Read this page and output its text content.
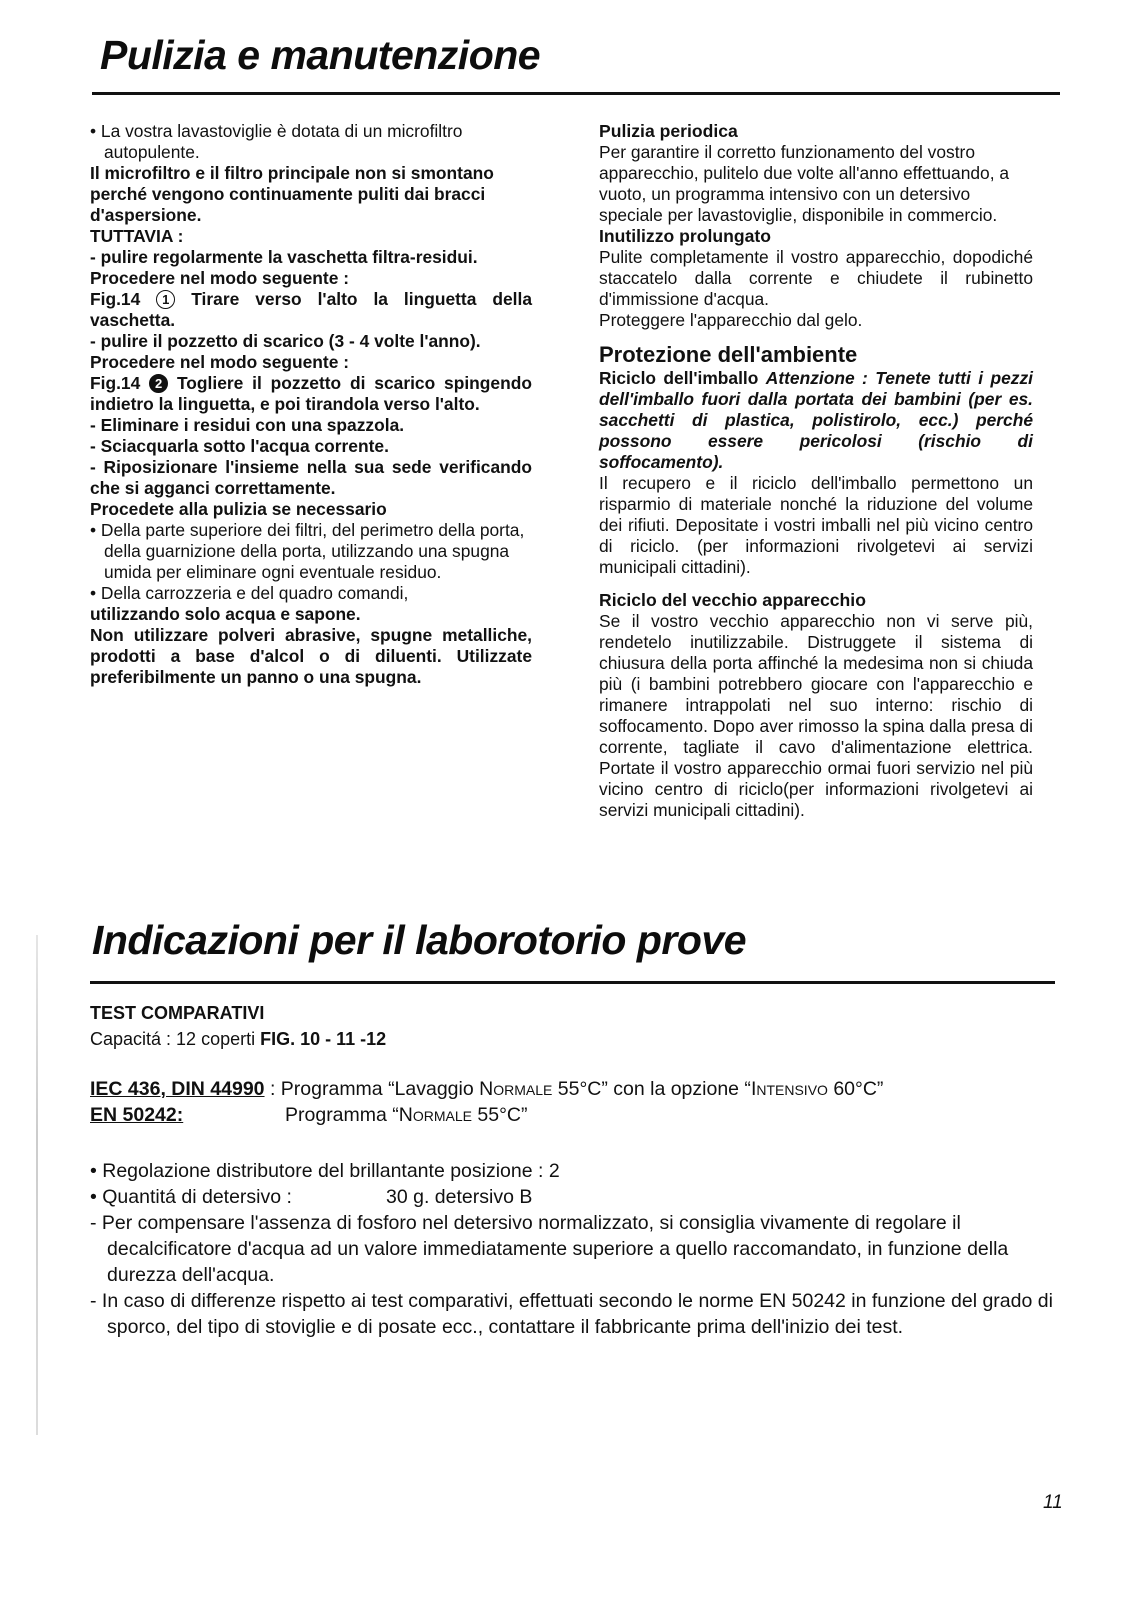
Pulizia e manutenzione

• La vostra lavastoviglie è dotata di un microfiltro autopulente.

Il microfiltro e il filtro principale non si smontano perché vengono continuamente puliti dai bracci d'aspersione.

TUTTAVIA :

- pulire regolarmente la vaschetta filtra-residui.

Procedere nel modo seguente :

Fig.14 1 Tirare verso l'alto la linguetta della vaschetta.

- pulire il pozzetto di scarico (3 - 4 volte l'anno).

Procedere nel modo seguente :

Fig.14 2 Togliere il pozzetto di scarico spingendo indietro la linguetta, e poi tirandola verso l'alto.

- Eliminare i residui con una spazzola.

- Sciacquarla sotto l'acqua corrente.

- Riposizionare l'insieme nella sua sede verificando che si agganci correttamente.

Procedete alla pulizia se necessario

• Della parte superiore dei filtri, del perimetro della porta, della guarnizione della porta, utilizzando una spugna umida per eliminare ogni eventuale residuo.

• Della carrozzeria e del quadro comandi,

utilizzando solo acqua e sapone.

Non utilizzare polveri abrasive, spugne metalliche, prodotti a base d'alcol o di diluenti. Utilizzate preferibilmente un panno o una spugna.

Pulizia periodica

Per garantire il corretto funzionamento del vostro apparecchio, pulitelo due volte all'anno effettuando, a vuoto, un programma intensivo con un detersivo speciale per lavastoviglie, disponibile in commercio.

Inutilizzo prolungato

Pulite completamente il vostro apparecchio, dopodiché staccatelo dalla corrente e chiudete il rubinetto d'immissione d'acqua.

Proteggere l'apparecchio dal gelo.

Protezione dell'ambiente

Riciclo dell'imballo Attenzione : Tenete tutti i pezzi dell'imballo fuori dalla portata dei bambini (per es. sacchetti di plastica, polistirolo, ecc.) perché possono essere pericolosi (rischio di soffocamento).

Il recupero e il riciclo dell'imballo permettono un risparmio di materiale nonché la riduzione del volume dei rifiuti. Depositate i vostri imballi nel più vicino centro di riciclo. (per informazioni rivolgetevi ai servizi municipali cittadini).

Riciclo del vecchio apparecchio

Se il vostro vecchio apparecchio non vi serve più, rendetelo inutilizzabile. Distruggete il sistema di chiusura della porta affinché la medesima non si chiuda più (i bambini potrebbero giocare con l'apparecchio e rimanere intrappolati nel suo interno: rischio di soffocamento. Dopo aver rimosso la spina dalla presa di corrente, tagliate il cavo d'alimentazione elettrica. Portate il vostro apparecchio ormai fuori servizio nel più vicino centro di riciclo(per informazioni rivolgetevi ai servizi municipali cittadini).

Indicazioni per il laborotorio prove

TEST COMPARATIVI

Capacitá : 12 coperti FIG. 10 - 11 -12

IEC 436, DIN 44990 : Programma “Lavaggio Normale 55°C” con la opzione “Intensivo 60°C”

EN 50242:	Programma “Normale 55°C”

• Regolazione distributore del brillantante posizione : 2

• Quantitá di detersivo :	30 g. detersivo B

- Per compensare l'assenza di fosforo nel detersivo normalizzato, si consiglia vivamente di regolare il decalcificatore d'acqua ad un valore immediatamente superiore a quello raccomandato, in funzione della durezza dell'acqua.

- In caso di differenze rispetto ai test comparativi, effettuati secondo le norme EN 50242 in funzione del grado di sporco, del tipo di stoviglie e di posate ecc., contattare il fabbricante prima dell'inizio dei test.

11
